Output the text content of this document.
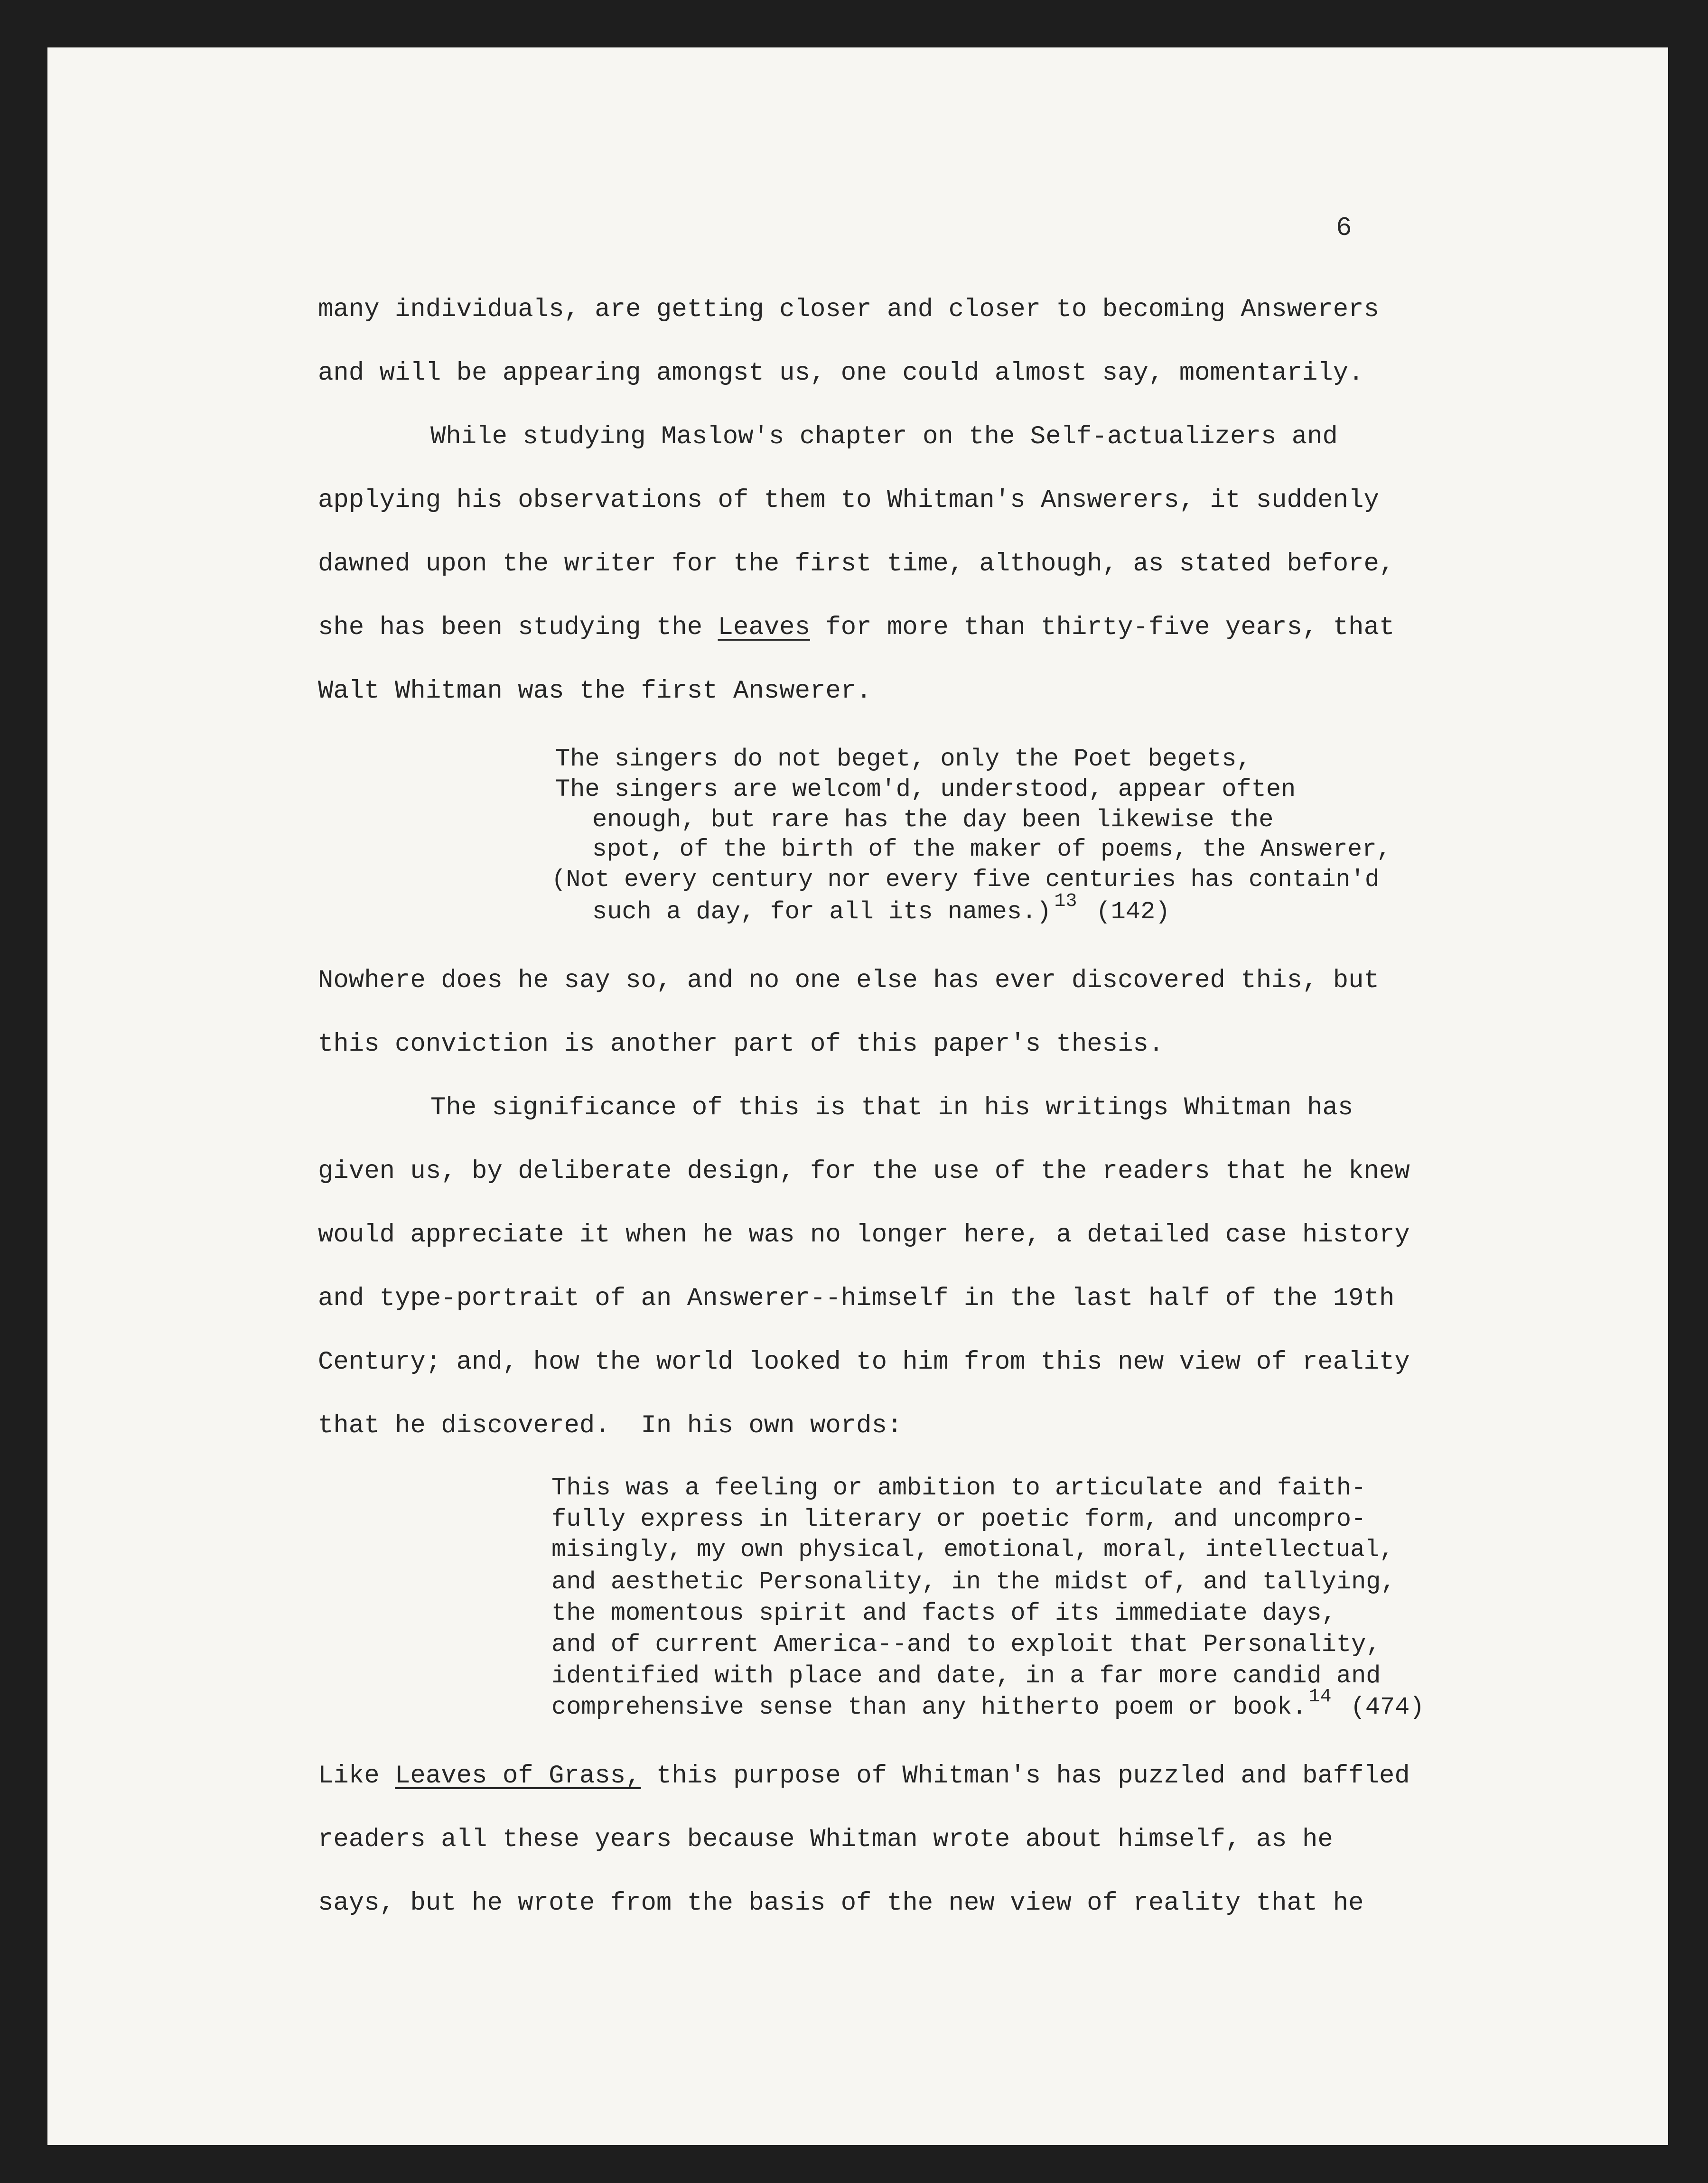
6
many individuals, are getting closer and closer to becoming Answerers
and will be appearing amongst us, one could almost say, momentarily.
While studying Maslow's chapter on the Self-actualizers and
applying his observations of them to Whitman's Answerers, it suddenly
dawned upon the writer for the first time, although, as stated before,
she has been studying the Leaves for more than thirty-five years, that
Walt Whitman was the first Answerer.
The singers do not beget, only the Poet begets,
The singers are welcom'd, understood, appear often
enough, but rare has the day been likewise the
spot, of the birth of the maker of poems, the Answerer,
(Not every century nor every five centuries has contain'd
such a day, for all its names.) $^{13}$ (142)
Nowhere does he say so, and no one else has ever discovered this, but
this conviction is another part of this paper's thesis.
The significance of this is that in his writings Whitman has
given us, by deliberate design, for the use of the readers that he knew
would appreciate it when he was no longer here, a detailed case history
and type-portrait of an Answerer--himself in the last half of the 19th
Century; and, how the world looked to him from this new view of reality
that he discovered.  In his own words:
This was a feeling or ambition to articulate and faith-
fully express in literary or poetic form, and uncompro-
misingly, my own physical, emotional, moral, intellectual,
and aesthetic Personality, in the midst of, and tallying,
the momentous spirit and facts of its immediate days,
and of current America--and to exploit that Personality,
identified with place and date, in a far more candid and
comprehensive sense than any hitherto poem or book. $^{14}$ (474)
Like Leaves of Grass, this purpose of Whitman's has puzzled and baffled
readers all these years because Whitman wrote about himself, as he
says, but he wrote from the basis of the new view of reality that he
